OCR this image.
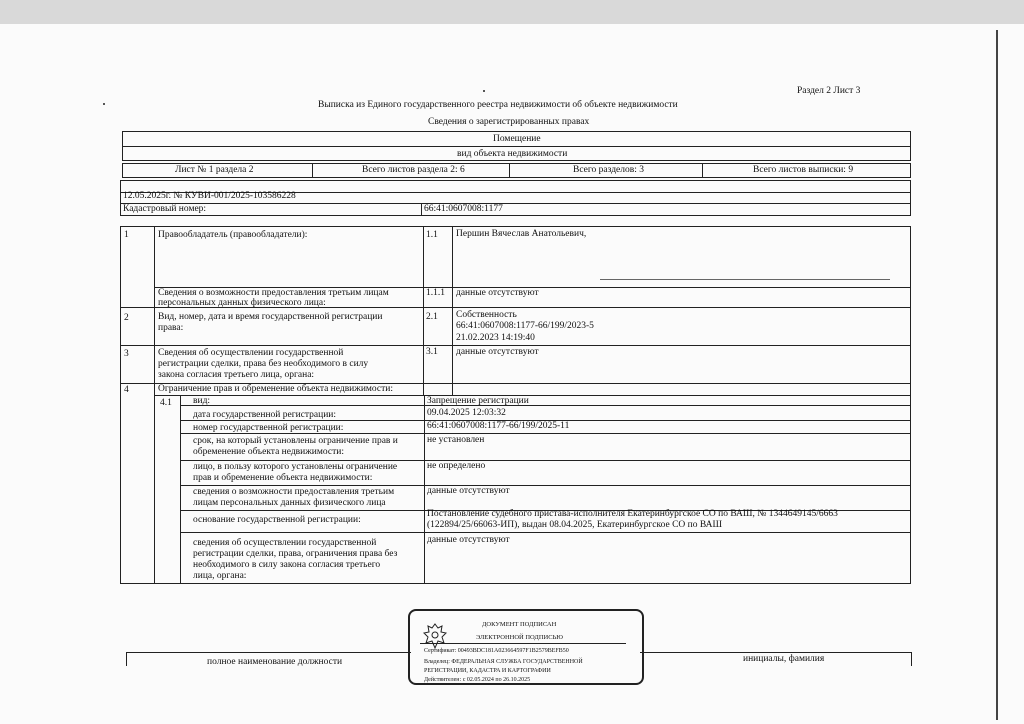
Раздел 2 Лист 3
Выписка из Единого государственного реестра недвижимости об объекте недвижимости
Сведения о зарегистрированных правах
Помещение
вид объекта недвижимости
Лист № 1 раздела 2	Всего листов раздела 2: 6	Всего разделов: 3	Всего листов выписки: 9
12.05.2025г. № КУВИ-001/2025-103586228
Кадастровый номер:	66:41:0607008:1177
1	Правообладатель (правообладатели):	1.1 Першин Вячеслав Анатольевич,
Сведения о возможности предоставления третьим лицам
персональных данных физического лица:
1.1.1 данные отсутствуют
2	Вид, номер, дата и время государственной регистрации
права:
2.1 Собственность
66:41:0607008:1177-66/199/2023-5
21.02.2023 14:19:40
3	Сведения об осуществлении государственной
регистрации сделки, права без необходимого в силу
закона согласия третьего лица, органа:
3.1 данные отсутствуют
4	Ограничение прав и обременение объекта недвижимости:
4.1 вид:	Запрещение регистрации
дата государственной регистрации:	09.04.2025 12:03:32
номер государственной регистрации:	66:41:0607008:1177-66/199/2025-11
срок, на который установлены ограничение прав и
обременение объекта недвижимости:
не установлен
лицо, в пользу которого установлены ограничение
прав и обременение объекта недвижимости:
не определено
сведения о возможности предоставления третьим
лицам персональных данных физического лица
данные отсутствуют
основание государственной регистрации:
Постановление судебного пристава-исполнителя Екатеринбургское СО по ВАШ, № 1344649145/6663
(122894/25/66063-ИП), выдан 08.04.2025, Екатеринбургское СО по ВАШ
сведения об осуществлении государственной
регистрации сделки, права, ограничения права без
необходимого в силу закона согласия третьего
лица, органа:
данные отсутствуют
полное наименование должности	инициалы, фамилия
ДОКУМЕНТ ПОДПИСАН
ЭЛЕКТРОННОЙ ПОДПИСЬЮ
Сертификат: 00493BDC181A023664597F1B2579BEFB50
Владелец: ФЕДЕРАЛЬНАЯ СЛУЖБА ГОСУДАРСТВЕННОЙ
РЕГИСТРАЦИИ, КАДАСТРА И КАРТОГРАФИИ
Действителен: с 02.05.2024 по 26.10.2025
